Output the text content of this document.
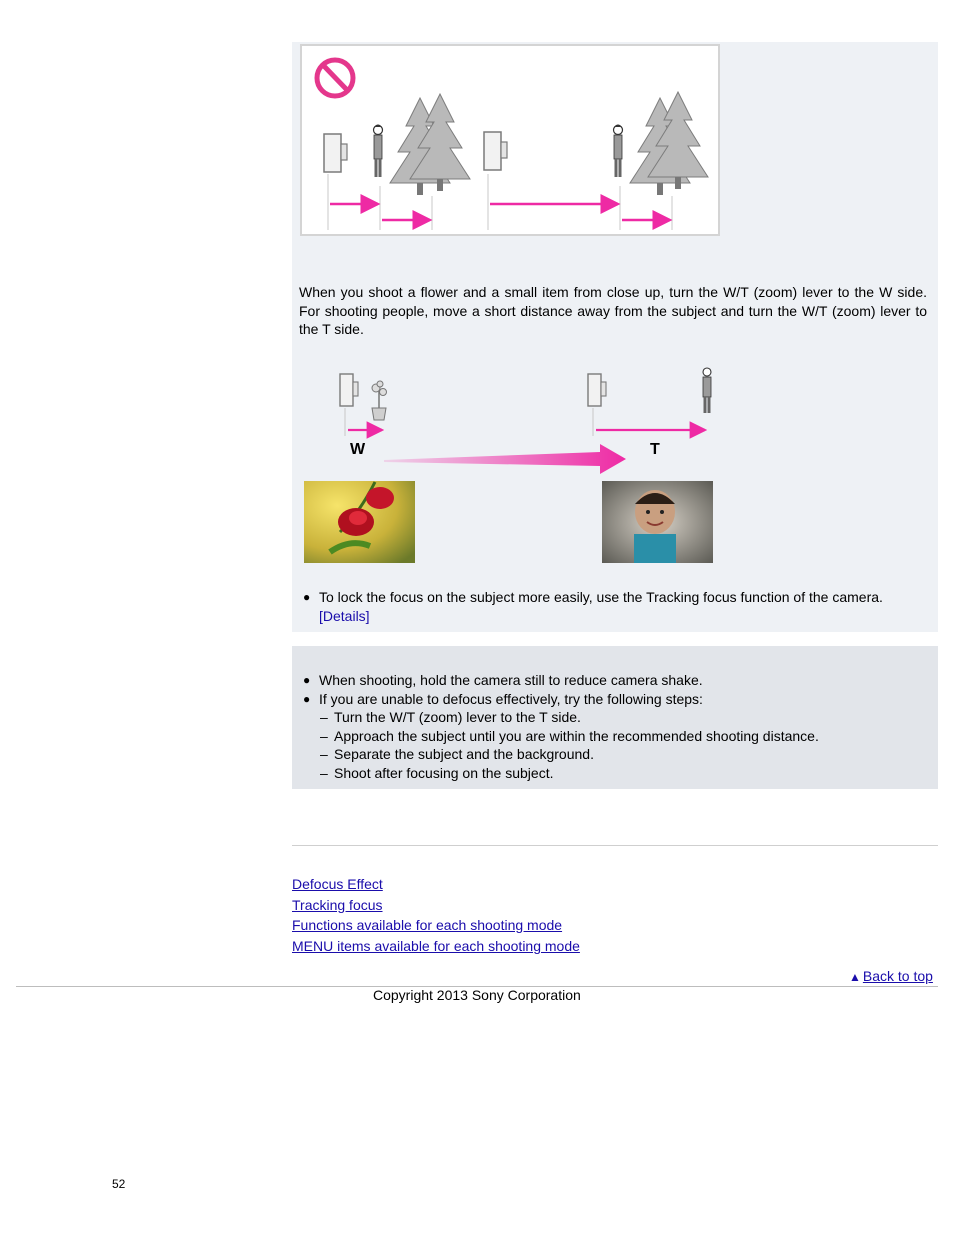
When you shoot a flower and a small item from close up, turn the W/T (zoom) lever to the W side. For shooting people, move a short distance away from the subject and turn the W/T (zoom) lever to the T side.
W	T
● To lock the focus on the subject more easily, use the Tracking focus function of the camera.
[Details]
● When shooting, hold the camera still to reduce camera shake.
● If you are unable to defocus effectively, try the following steps:
– Turn the W/T (zoom) lever to the T side.
– Approach the subject until you are within the recommended shooting distance.
– Separate the subject and the background.
– Shoot after focusing on the subject.
Defocus Effect
Tracking focus
Functions available for each shooting mode
MENU items available for each shooting mode
▲ Back to top
Copyright 2013 Sony Corporation
52
